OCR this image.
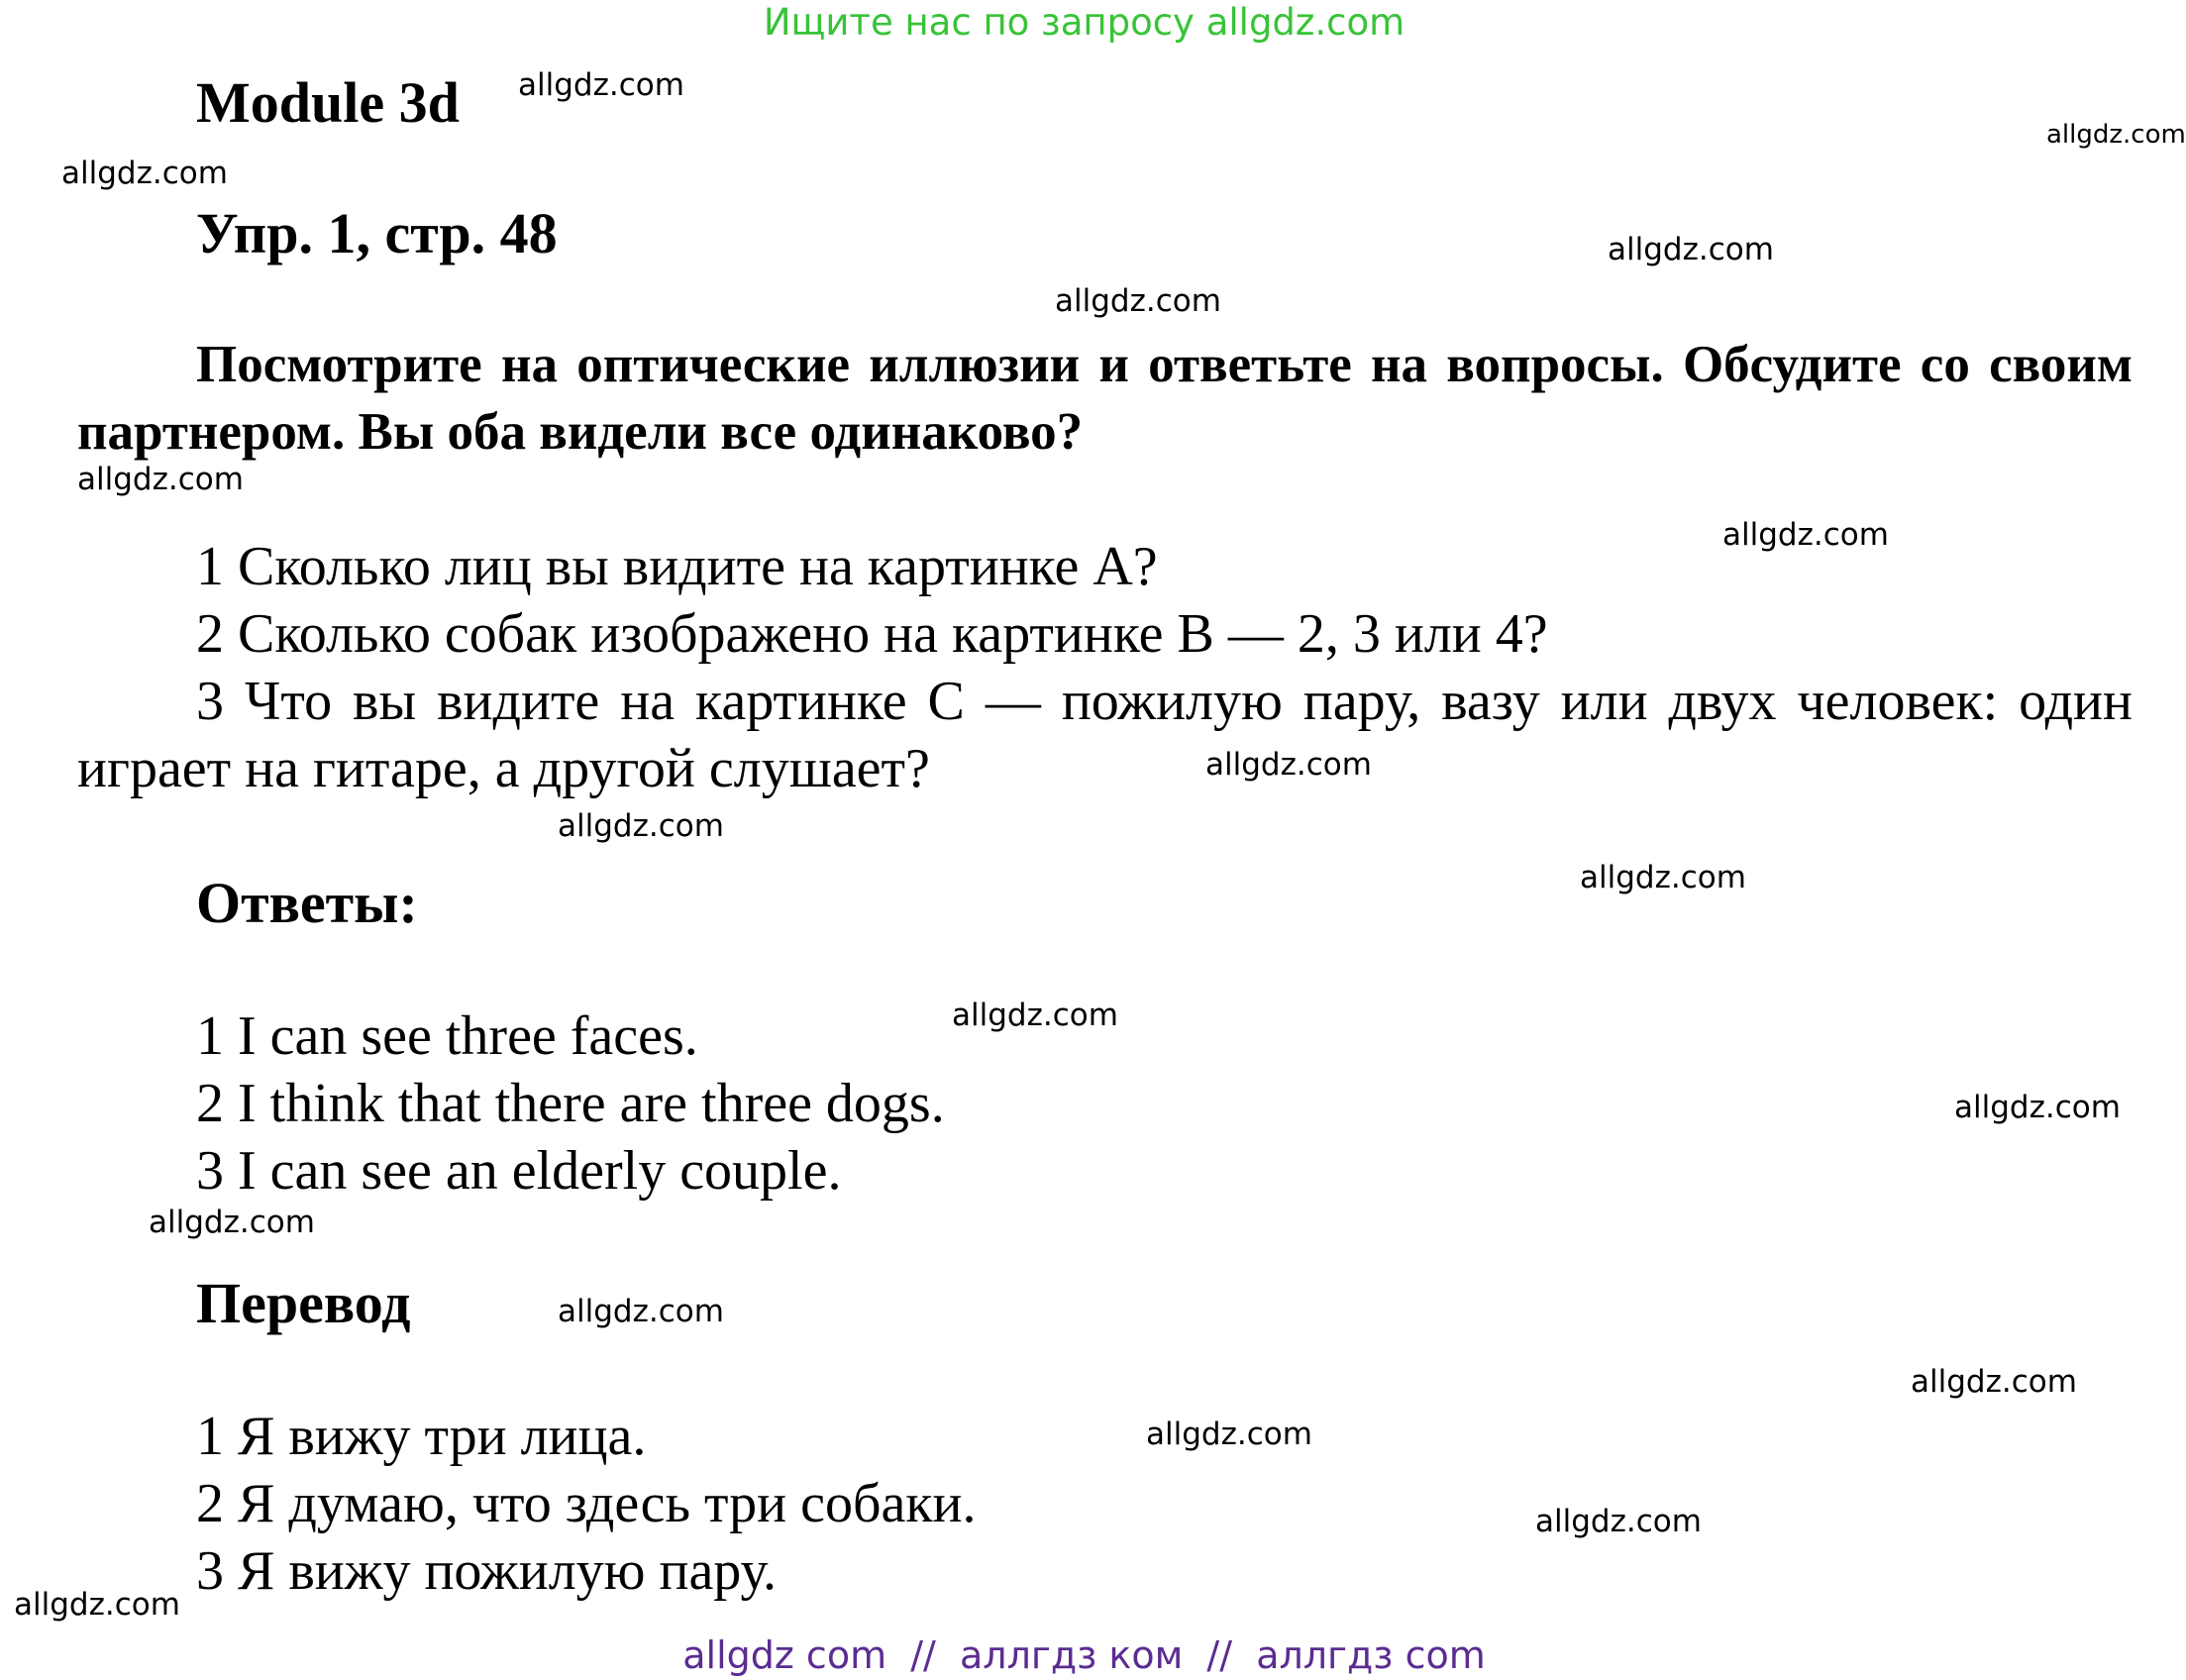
Ищите нас по запросу allgdz.com
Module 3d
Упр. 1, стр. 48

Посмотрите на оптические иллюзии и ответьте на вопросы. Обсудите со своим партнером. Вы оба видели все одинаково?

1 Сколько лиц вы видите на картинке А?
2 Сколько собак изображено на картинке В — 2, 3 или 4?

3 Что вы видите на картинке С — пожилую пару, вазу или двух человек: один играет на гитаре, а другой слушает?

Ответы:
1 I can see three faces.
2 I think that there are three dogs.
3 I can see an elderly couple.
Перевод
1 Я вижу три лица.
2 Я думаю, что здесь три собаки.
3 Я вижу пожилую пару.
allgdz.com
allgdz.com
allgdz.com
allgdz.com
allgdz.com
allgdz.com
allgdz.com
allgdz.com
allgdz.com
allgdz.com
allgdz.com
allgdz.com
allgdz.com
allgdz.com
allgdz.com
allgdz.com
allgdz.com
allgdz.com
allgdz com  //  аллгдз ком  //  аллгдз com
